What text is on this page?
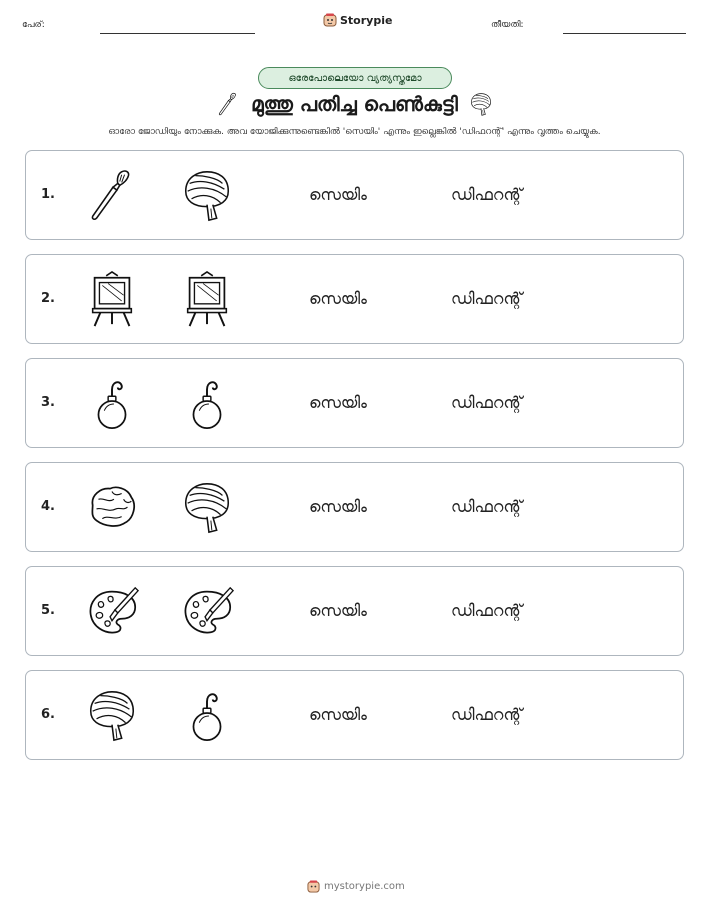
പേര്:	Storypie	തീയതി:
ഒരേപോലെയോ വ്യത്യസ്തമോ
മുത്തു പതിച്ച പെൺകുട്ടി
ഓരോ ജോഡിയും നോക്കുക. അവ യോജിക്കുന്നുണ്ടെങ്കിൽ 'സെയിം' എന്നും ഇല്ലെങ്കിൽ 'ഡിഫറന്റ്' എന്നും വൃത്തം ചെയ്യുക.
1.	സെയിം	ഡിഫറന്റ്
2.	സെയിം	ഡിഫറന്റ്
3.	സെയിം	ഡിഫറന്റ്
4.	സെയിം	ഡിഫറന്റ്
5.	സെയിം	ഡിഫറന്റ്
6.	സെയിം	ഡിഫറന്റ്
mystorypie.com
